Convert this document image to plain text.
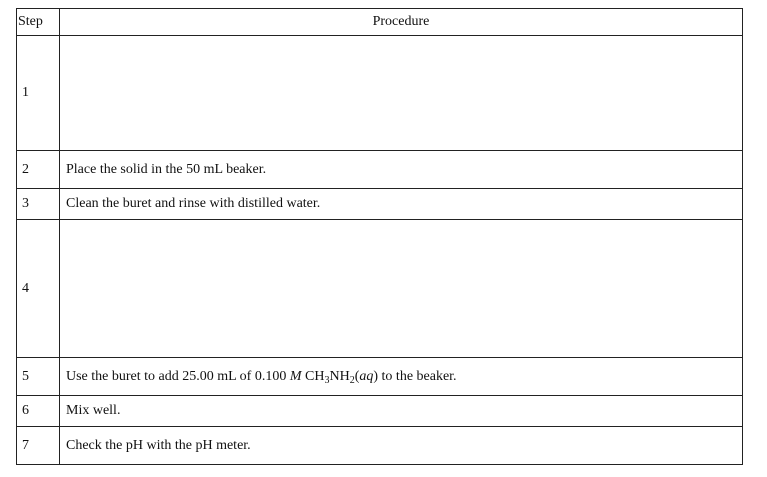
Step	Procedure
1	
2	Place the solid in the 50 mL beaker.
3	Clean the buret and rinse with distilled water.
4	
5	Use the buret to add 25.00 mL of 0.100 M $CH_3NH_2(aq)$ to the beaker.
6	Mix well.
7	Check the pH with the pH meter.
